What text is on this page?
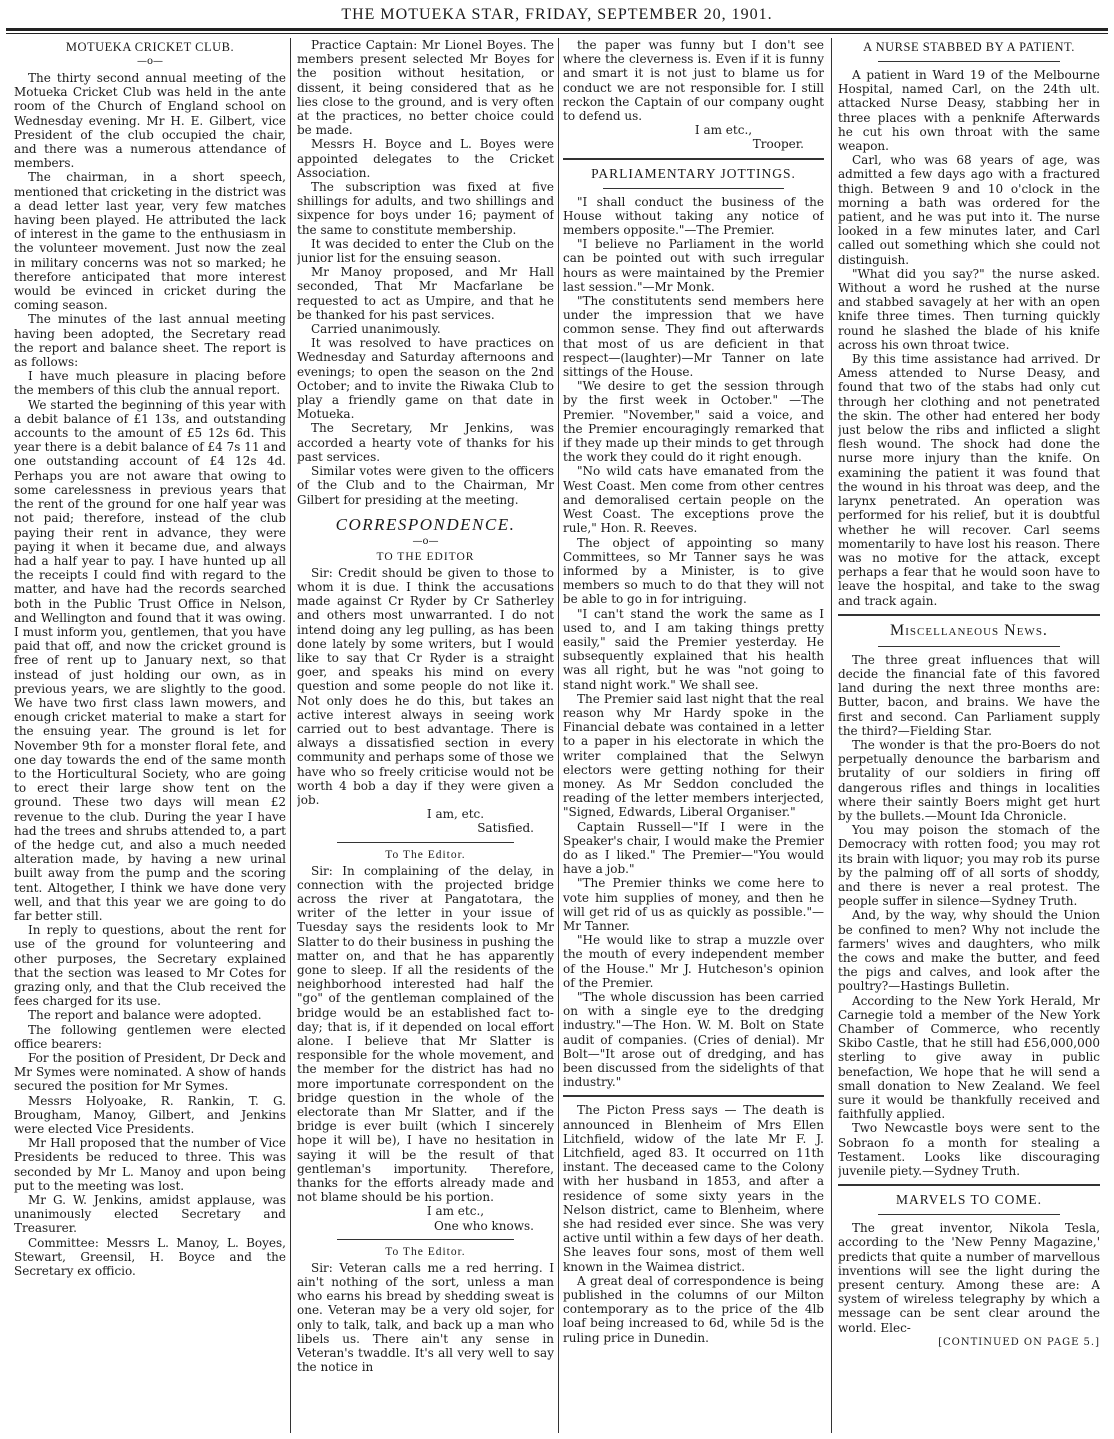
THE MOTUEKA STAR, FRIDAY, SEPTEMBER 20, 1901.
MOTUEKA CRICKET CLUB.
—o—

The thirty second annual meeting of the Motueka Cricket Club was held in the ante room of the Church of England school on Wednesday evening. Mr H. E. Gilbert, vice President of the club occupied the chair, and there was a numerous attendance of members.

The chairman, in a short speech, mentioned that cricketing in the district was a dead letter last year, very few matches having been played. He attributed the lack of interest in the game to the enthusiasm in the volunteer movement. Just now the zeal in military concerns was not so marked; he therefore anticipated that more interest would be evinced in cricket during the coming season.

The minutes of the last annual meeting having been adopted, the Secretary read the report and balance sheet. The report is as follows:

I have much pleasure in placing before the members of this club the annual report.

We started the beginning of this year with a debit balance of £1 13s, and outstanding accounts to the amount of £5 12s 6d. This year there is a debit balance of £4 7s 11 and one outstanding account of £4 12s 4d. Perhaps you are not aware that owing to some carelessness in previous years that the rent of the ground for one half year was not paid; therefore, instead of the club paying their rent in advance, they were paying it when it became due, and always had a half year to pay. I have hunted up all the receipts I could find with regard to the matter, and have had the records searched both in the Public Trust Office in Nelson, and Wellington and found that it was owing. I must inform you, gentlemen, that you have paid that off, and now the cricket ground is free of rent up to January next, so that instead of just holding our own, as in previous years, we are slightly to the good. We have two first class lawn mowers, and enough cricket material to make a start for the ensuing year. The ground is let for November 9th for a monster floral fete, and one day towards the end of the same month to the Horticultural Society, who are going to erect their large show tent on the ground. These two days will mean £2 revenue to the club. During the year I have had the trees and shrubs attended to, a part of the hedge cut, and also a much needed alteration made, by having a new urinal built away from the pump and the scoring tent. Altogether, I think we have done very well, and that this year we are going to do far better still.

In reply to questions, about the rent for use of the ground for volunteering and other purposes, the Secretary explained that the section was leased to Mr Cotes for grazing only, and that the Club received the fees charged for its use.

The report and balance were adopted.

The following gentlemen were elected office bearers:

For the position of President, Dr Deck and Mr Symes were nominated. A show of hands secured the position for Mr Symes.

Messrs Holyoake, R. Rankin, T. G. Brougham, Manoy, Gilbert, and Jenkins were elected Vice Presidents.

Mr Hall proposed that the number of Vice Presidents be reduced to three. This was seconded by Mr L. Manoy and upon being put to the meeting was lost.

Mr G. W. Jenkins, amidst applause, was unanimously elected Secretary and Treasurer.

Committee: Messrs L. Manoy, L. Boyes, Stewart, Greensil, H. Boyce and the Secretary ex officio.

Practice Captain: Mr Lionel Boyes. The members present selected Mr Boyes for the position without hesitation, or dissent, it being considered that as he lies close to the ground, and is very often at the practices, no better choice could be made.

Messrs H. Boyce and L. Boyes were appointed delegates to the Cricket Association.

The subscription was fixed at five shillings for adults, and two shillings and sixpence for boys under 16; payment of the same to constitute membership.

It was decided to enter the Club on the junior list for the ensuing season.

Mr Manoy proposed, and Mr Hall seconded, That Mr Macfarlane be requested to act as Umpire, and that he be thanked for his past services.

Carried unanimously.

It was resolved to have practices on Wednesday and Saturday afternoons and evenings; to open the season on the 2nd October; and to invite the Riwaka Club to play a friendly game on that date in Motueka.

The Secretary, Mr Jenkins, was accorded a hearty vote of thanks for his past services.

Similar votes were given to the officers of the Club and to the Chairman, Mr Gilbert for presiding at the meeting.

CORRESPONDENCE.
—o—
TO THE EDITOR

Sir: Credit should be given to those to whom it is due. I think the accusations made against Cr Ryder by Cr Satherley and others most unwarranted. I do not intend doing any leg pulling, as has been done lately by some writers, but I would like to say that Cr Ryder is a straight goer, and speaks his mind on every question and some people do not like it. Not only does he do this, but takes an active interest always in seeing work carried out to best advantage. There is always a dissatisfied section in every community and perhaps some of those we have who so freely criticise would not be worth 4 bob a day if they were given a job.

I am, etc.
Satisfied.
To The Editor.

Sir: In complaining of the delay, in connection with the projected bridge across the river at Pangatotara, the writer of the letter in your issue of Tuesday says the residents look to Mr Slatter to do their business in pushing the matter on, and that he has apparently gone to sleep. If all the residents of the neighborhood interested had half the "go" of the gentleman complained of the bridge would be an established fact to-day; that is, if it depended on local effort alone. I believe that Mr Slatter is responsible for the whole movement, and the member for the district has had no more importunate correspondent on the bridge question in the whole of the electorate than Mr Slatter, and if the bridge is ever built (which I sincerely hope it will be), I have no hesitation in saying it will be the result of that gentleman's importunity. Therefore, thanks for the efforts already made and not blame should be his portion.

I am etc.,
One who knows.
To The Editor.

Sir: Veteran calls me a red herring. I ain't nothing of the sort, unless a man who earns his bread by shedding sweat is one. Veteran may be a very old sojer, for only to talk, talk, and back up a man who libels us. There ain't any sense in Veteran's twaddle. It's all very well to say the notice in

the paper was funny but I don't see where the cleverness is. Even if it is funny and smart it is not just to blame us for conduct we are not responsible for. I still reckon the Captain of our company ought to defend us.

I am etc.,
Trooper.
PARLIAMENTARY JOTTINGS.

"I shall conduct the business of the House without taking any notice of members opposite."—The Premier.

"I believe no Parliament in the world can be pointed out with such irregular hours as were maintained by the Premier last session."—Mr Monk.

"The constitutents send members here under the impression that we have common sense. They find out afterwards that most of us are deficient in that respect—(laughter)—Mr Tanner on late sittings of the House.

"We desire to get the session through by the first week in October." —The Premier. "November," said a voice, and the Premier encouragingly remarked that if they made up their minds to get through the work they could do it right enough.

"No wild cats have emanated from the West Coast. Men come from other centres and demoralised certain people on the West Coast. The exceptions prove the rule," Hon. R. Reeves.

The object of appointing so many Committees, so Mr Tanner says he was informed by a Minister, is to give members so much to do that they will not be able to go in for intriguing.

"I can't stand the work the same as I used to, and I am taking things pretty easily," said the Premier yesterday. He subsequently explained that his health was all right, but he was "not going to stand night work." We shall see.

The Premier said last night that the real reason why Mr Hardy spoke in the Financial debate was contained in a letter to a paper in his electorate in which the writer complained that the Selwyn electors were getting nothing for their money. As Mr Seddon concluded the reading of the letter members interjected, "Signed, Edwards, Liberal Organiser."

Captain Russell—"If I were in the Speaker's chair, I would make the Premier do as I liked." The Premier—"You would have a job."

"The Premier thinks we come here to vote him supplies of money, and then he will get rid of us as quickly as possible."—Mr Tanner.

"He would like to strap a muzzle over the mouth of every independent member of the House." Mr J. Hutcheson's opinion of the Premier.

"The whole discussion has been carried on with a single eye to the dredging industry."—The Hon. W. M. Bolt on State audit of companies. (Cries of denial). Mr Bolt—"It arose out of dredging, and has been discussed from the sidelights of that industry."

The Picton Press says — The death is announced in Blenheim of Mrs Ellen Litchfield, widow of the late Mr F. J. Litchfield, aged 83. It occurred on 11th instant. The deceased came to the Colony with her husband in 1853, and after a residence of some sixty years in the Nelson district, came to Blenheim, where she had resided ever since. She was very active until within a few days of her death. She leaves four sons, most of them well known in the Waimea district.

A great deal of correspondence is being published in the columns of our Milton contemporary as to the price of the 4lb loaf being increased to 6d, while 5d is the ruling price in Dunedin.

A NURSE STABBED BY A PATIENT.

A patient in Ward 19 of the Melbourne Hospital, named Carl, on the 24th ult. attacked Nurse Deasy, stabbing her in three places with a penknife Afterwards he cut his own throat with the same weapon.

Carl, who was 68 years of age, was admitted a few days ago with a fractured thigh. Between 9 and 10 o'clock in the morning a bath was ordered for the patient, and he was put into it. The nurse looked in a few minutes later, and Carl called out something which she could not distinguish.

"What did you say?" the nurse asked. Without a word he rushed at the nurse and stabbed savagely at her with an open knife three times. Then turning quickly round he slashed the blade of his knife across his own throat twice.

By this time assistance had arrived. Dr Amess attended to Nurse Deasy, and found that two of the stabs had only cut through her clothing and not penetrated the skin. The other had entered her body just below the ribs and inflicted a slight flesh wound. The shock had done the nurse more injury than the knife. On examining the patient it was found that the wound in his throat was deep, and the larynx penetrated. An operation was performed for his relief, but it is doubtful whether he will recover. Carl seems momentarily to have lost his reason. There was no motive for the attack, except perhaps a fear that he would soon have to leave the hospital, and take to the swag and track again.

Miscellaneous News.

The three great influences that will decide the financial fate of this favored land during the next three months are: Butter, bacon, and brains. We have the first and second. Can Parliament supply the third?—Fielding Star.

The wonder is that the pro-Boers do not perpetually denounce the barbarism and brutality of our soldiers in firing off dangerous rifles and things in localities where their saintly Boers might get hurt by the bullets.—Mount Ida Chronicle.

You may poison the stomach of the Democracy with rotten food; you may rot its brain with liquor; you may rob its purse by the palming off of all sorts of shoddy, and there is never a real protest. The people suffer in silence—Sydney Truth.

And, by the way, why should the Union be confined to men? Why not include the farmers' wives and daughters, who milk the cows and make the butter, and feed the pigs and calves, and look after the poultry?—Hastings Bulletin.

According to the New York Herald, Mr Carnegie told a member of the New York Chamber of Commerce, who recently Skibo Castle, that he still had £56,000,000 sterling to give away in public benefaction, We hope that he will send a small donation to New Zealand. We feel sure it would be thankfully received and faithfully applied.

Two Newcastle boys were sent to the Sobraon fo a month for stealing a Testament. Looks like discouraging juvenile piety.—Sydney Truth.

MARVELS TO COME.

The great inventor, Nikola Tesla, according to the 'New Penny Magazine,' predicts that quite a number of marvellous inventions will see the light during the present century. Among these are: A system of wireless telegraphy by which a message can be sent clear around the world. Elec-

[CONTINUED ON PAGE 5.]
